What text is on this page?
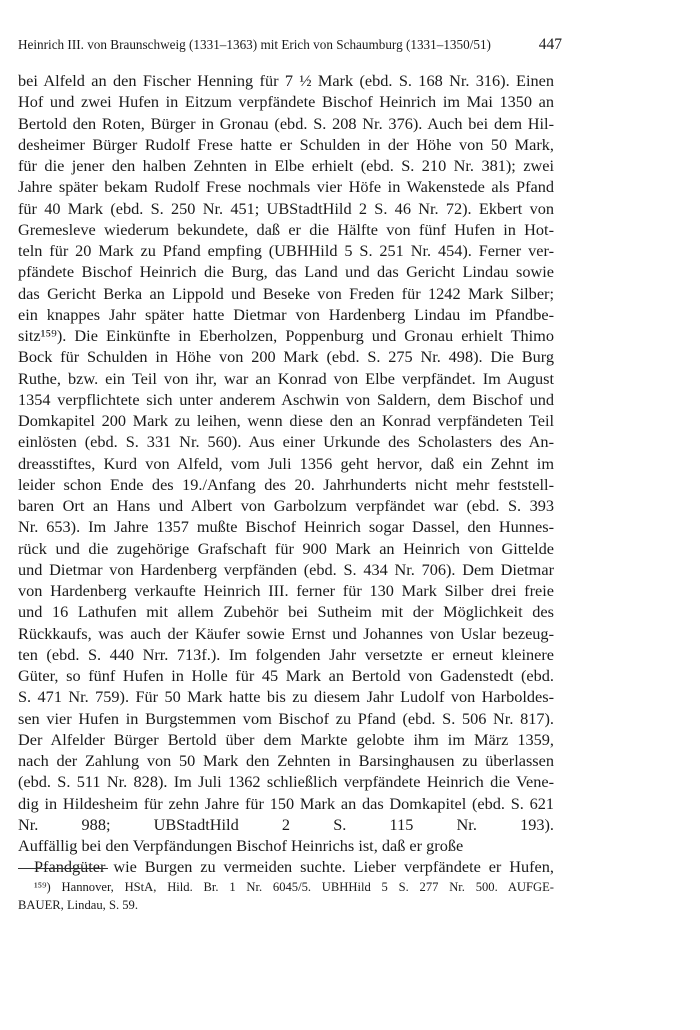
Heinrich III. von Braunschweig (1331–1363) mit Erich von Schaumburg (1331–1350/51)	447
bei Alfeld an den Fischer Henning für 7 ½ Mark (ebd. S. 168 Nr. 316). Einen
Hof und zwei Hufen in Eitzum verpfändete Bischof Heinrich im Mai 1350 an
Bertold den Roten, Bürger in Gronau (ebd. S. 208 Nr. 376). Auch bei dem Hil-
desheimer Bürger Rudolf Frese hatte er Schulden in der Höhe von 50 Mark,
für die jener den halben Zehnten in Elbe erhielt (ebd. S. 210 Nr. 381); zwei
Jahre später bekam Rudolf Frese nochmals vier Höfe in Wakenstede als Pfand
für 40 Mark (ebd. S. 250 Nr. 451; UBStadtHild 2 S. 46 Nr. 72). Ekbert von
Gremesleve wiederum bekundete, daß er die Hälfte von fünf Hufen in Hot-
teln für 20 Mark zu Pfand empfing (UBHHild 5 S. 251 Nr. 454). Ferner ver-
pfändete Bischof Heinrich die Burg, das Land und das Gericht Lindau sowie
das Gericht Berka an Lippold und Beseke von Freden für 1242 Mark Silber;
ein knappes Jahr später hatte Dietmar von Hardenberg Lindau im Pfandbe-
sitz¹⁵⁹). Die Einkünfte in Eberholzen, Poppenburg und Gronau erhielt Thimo
Bock für Schulden in Höhe von 200 Mark (ebd. S. 275 Nr. 498). Die Burg
Ruthe, bzw. ein Teil von ihr, war an Konrad von Elbe verpfändet. Im August
1354 verpflichtete sich unter anderem Aschwin von Saldern, dem Bischof und
Domkapitel 200 Mark zu leihen, wenn diese den an Konrad verpfändeten Teil
einlösten (ebd. S. 331 Nr. 560). Aus einer Urkunde des Scholasters des An-
dreasstiftes, Kurd von Alfeld, vom Juli 1356 geht hervor, daß ein Zehnt im
leider schon Ende des 19./Anfang des 20. Jahrhunderts nicht mehr feststell-
baren Ort an Hans und Albert von Garbolzum verpfändet war (ebd. S. 393
Nr. 653). Im Jahre 1357 mußte Bischof Heinrich sogar Dassel, den Hunnes-
rück und die zugehörige Grafschaft für 900 Mark an Heinrich von Gittelde
und Dietmar von Hardenberg verpfänden (ebd. S. 434 Nr. 706). Dem Dietmar
von Hardenberg verkaufte Heinrich III. ferner für 130 Mark Silber drei freie
und 16 Lathufen mit allem Zubehör bei Sutheim mit der Möglichkeit des
Rückkaufs, was auch der Käufer sowie Ernst und Johannes von Uslar bezeug-
ten (ebd. S. 440 Nrr. 713f.). Im folgenden Jahr versetzte er erneut kleinere
Güter, so fünf Hufen in Holle für 45 Mark an Bertold von Gadenstedt (ebd.
S. 471 Nr. 759). Für 50 Mark hatte bis zu diesem Jahr Ludolf von Harboldes-
sen vier Hufen in Burgstemmen vom Bischof zu Pfand (ebd. S. 506 Nr. 817).
Der Alfelder Bürger Bertold über dem Markte gelobte ihm im März 1359,
nach der Zahlung von 50 Mark den Zehnten in Barsinghausen zu überlassen
(ebd. S. 511 Nr. 828). Im Juli 1362 schließlich verpfändete Heinrich die Vene-
dig in Hildesheim für zehn Jahre für 150 Mark an das Domkapitel (ebd. S. 621
Nr. 988; UBStadtHild 2 S. 115 Nr. 193).
Auffällig bei den Verpfändungen Bischof Heinrichs ist, daß er große
Pfandgüter wie Burgen zu vermeiden suchte. Lieber verpfändete er Hufen,
¹⁵⁹) Hannover, HStA, Hild. Br. 1 Nr. 6045/5. UBHHild 5 S. 277 Nr. 500. AUFGE-
BAUER, Lindau, S. 59.
